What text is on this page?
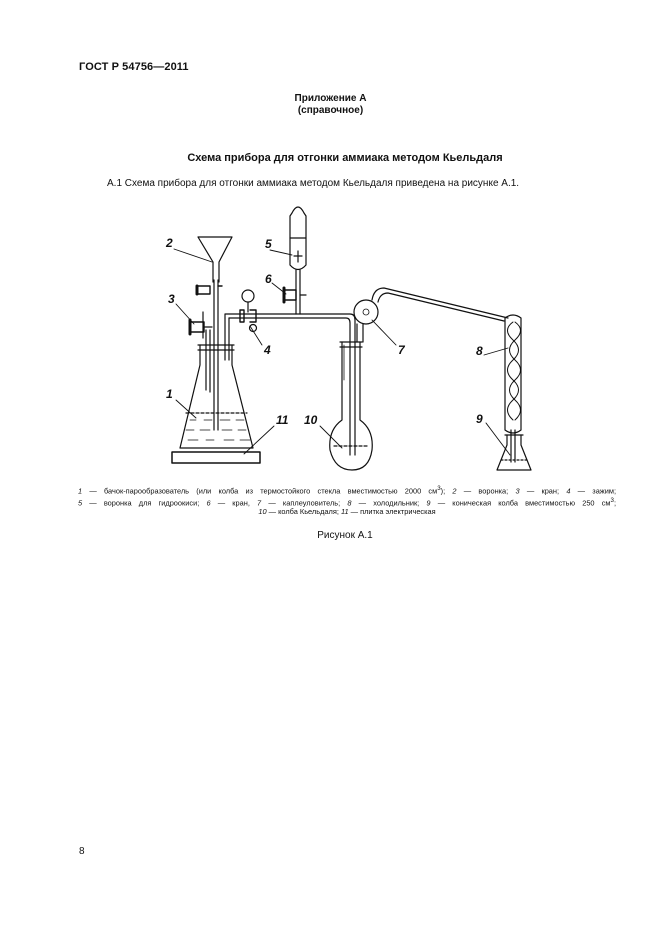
ГОСТ Р 54756—2011
Приложение А
(справочное)
Схема прибора для отгонки аммиака методом Кьельдаля
А.1 Схема прибора для отгонки аммиака методом Кьельдаля приведена на рисунке А.1.
2
3
1
5
6
4
11 10
7	8
9
1 — бачок-парообразователь (или колба из термостойкого стекла вместимостью 2000 $см^3$); 2 — воронка; 3 — кран; 4 — зажим;
5 — воронка для гидроокиси; 6 — кран, 7 — каплеуловитель; 8 — холодильник; 9 — коническая колба вместимостью 250 $см^3$;
10 — колба Кьельдаля; 11 — плитка электрическая
Рисунок А.1
8
